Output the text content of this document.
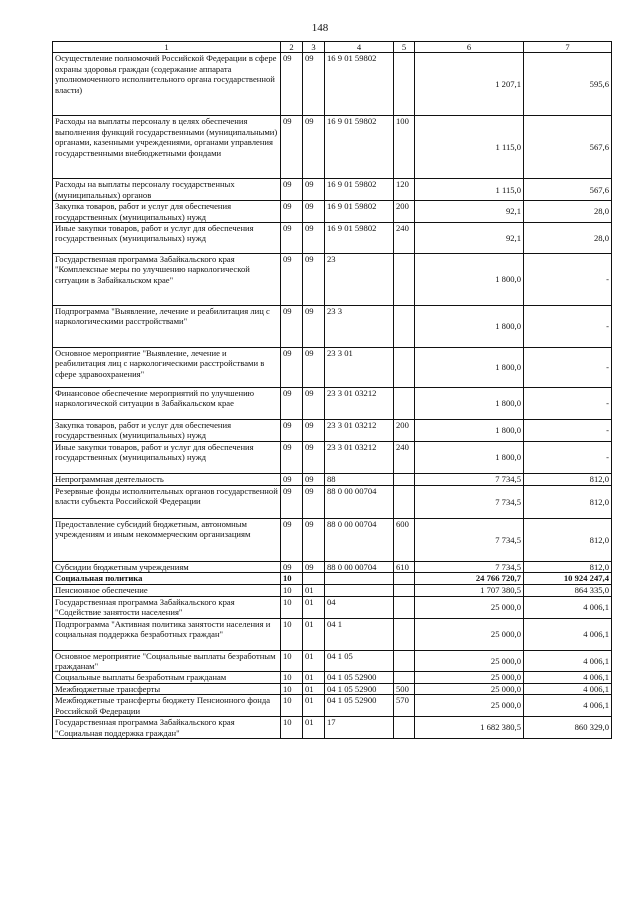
148
1	2	3	4	5	6	7
Осуществление полномочий Российской Федерации в сфере охраны здоровья граждан (содержание аппарата уполномоченного исполнительного органа государственной власти)	09	09	16 9 01 59802		1 207,1	595,6
Расходы на выплаты персоналу в целях обеспечения выполнения функций государственными (муниципальными) органами, казенными учреждениями, органами управления государственными внебюджетными фондами	09	09	16 9 01 59802	100	1 115,0	567,6
Расходы на выплаты персоналу государственных (муниципальных) органов	09	09	16 9 01 59802	120	1 115,0	567,6
Закупка товаров, работ и услуг для обеспечения государственных (муниципальных) нужд	09	09	16 9 01 59802	200	92,1	28,0
Иные закупки товаров, работ и услуг для обеспечения государственных (муниципальных) нужд	09	09	16 9 01 59802	240	92,1	28,0
Государственная программа Забайкальского края "Комплексные меры по улучшению наркологической ситуации в Забайкальском крае"	09	09	23		1 800,0	-
Подпрограмма "Выявление, лечение и реабилитация лиц с наркологическими расстройствами"	09	09	23 3		1 800,0	-
Основное мероприятие "Выявление, лечение и реабилитация лиц с наркологическими расстройствами в сфере здравоохранения"	09	09	23 3 01		1 800,0	-
Финансовое обеспечение мероприятий по улучшению наркологической ситуации в Забайкальском крае	09	09	23 3 01 03212		1 800,0	-
Закупка товаров, работ и услуг для обеспечения государственных (муниципальных) нужд	09	09	23 3 01 03212	200	1 800,0	-
Иные закупки товаров, работ и услуг для обеспечения государственных (муниципальных) нужд	09	09	23 3 01 03212	240	1 800,0	-
Непрограммная деятельность	09	09	88		7 734,5	812,0
Резервные фонды исполнительных органов государственной власти субъекта Российской Федерации	09	09	88 0 00 00704		7 734,5	812,0
Предоставление субсидий бюджетным, автономным учреждениям и иным некоммерческим организациям	09	09	88 0 00 00704	600	7 734,5	812,0
Субсидии бюджетным учреждениям	09	09	88 0 00 00704	610	7 734,5	812,0
Социальная политика	10				24 766 720,7	10 924 247,4
Пенсионное обеспечение	10	01			1 707 380,5	864 335,0
Государственная программа Забайкальского края "Содействие занятости населения"	10	01	04		25 000,0	4 006,1
Подпрограмма "Активная политика занятости населения и социальная поддержка безработных граждан"	10	01	04 1		25 000,0	4 006,1
Основное мероприятие "Социальные выплаты безработным гражданам"	10	01	04 1 05		25 000,0	4 006,1
Социальные выплаты безработным гражданам	10	01	04 1 05 52900		25 000,0	4 006,1
Межбюджетные трансферты	10	01	04 1 05 52900	500	25 000,0	4 006,1
Межбюджетные трансферты бюджету Пенсионного фонда Российской Федерации	10	01	04 1 05 52900	570	25 000,0	4 006,1
Государственная программа Забайкальского края "Социальная поддержка граждан"	10	01	17		1 682 380,5	860 329,0
